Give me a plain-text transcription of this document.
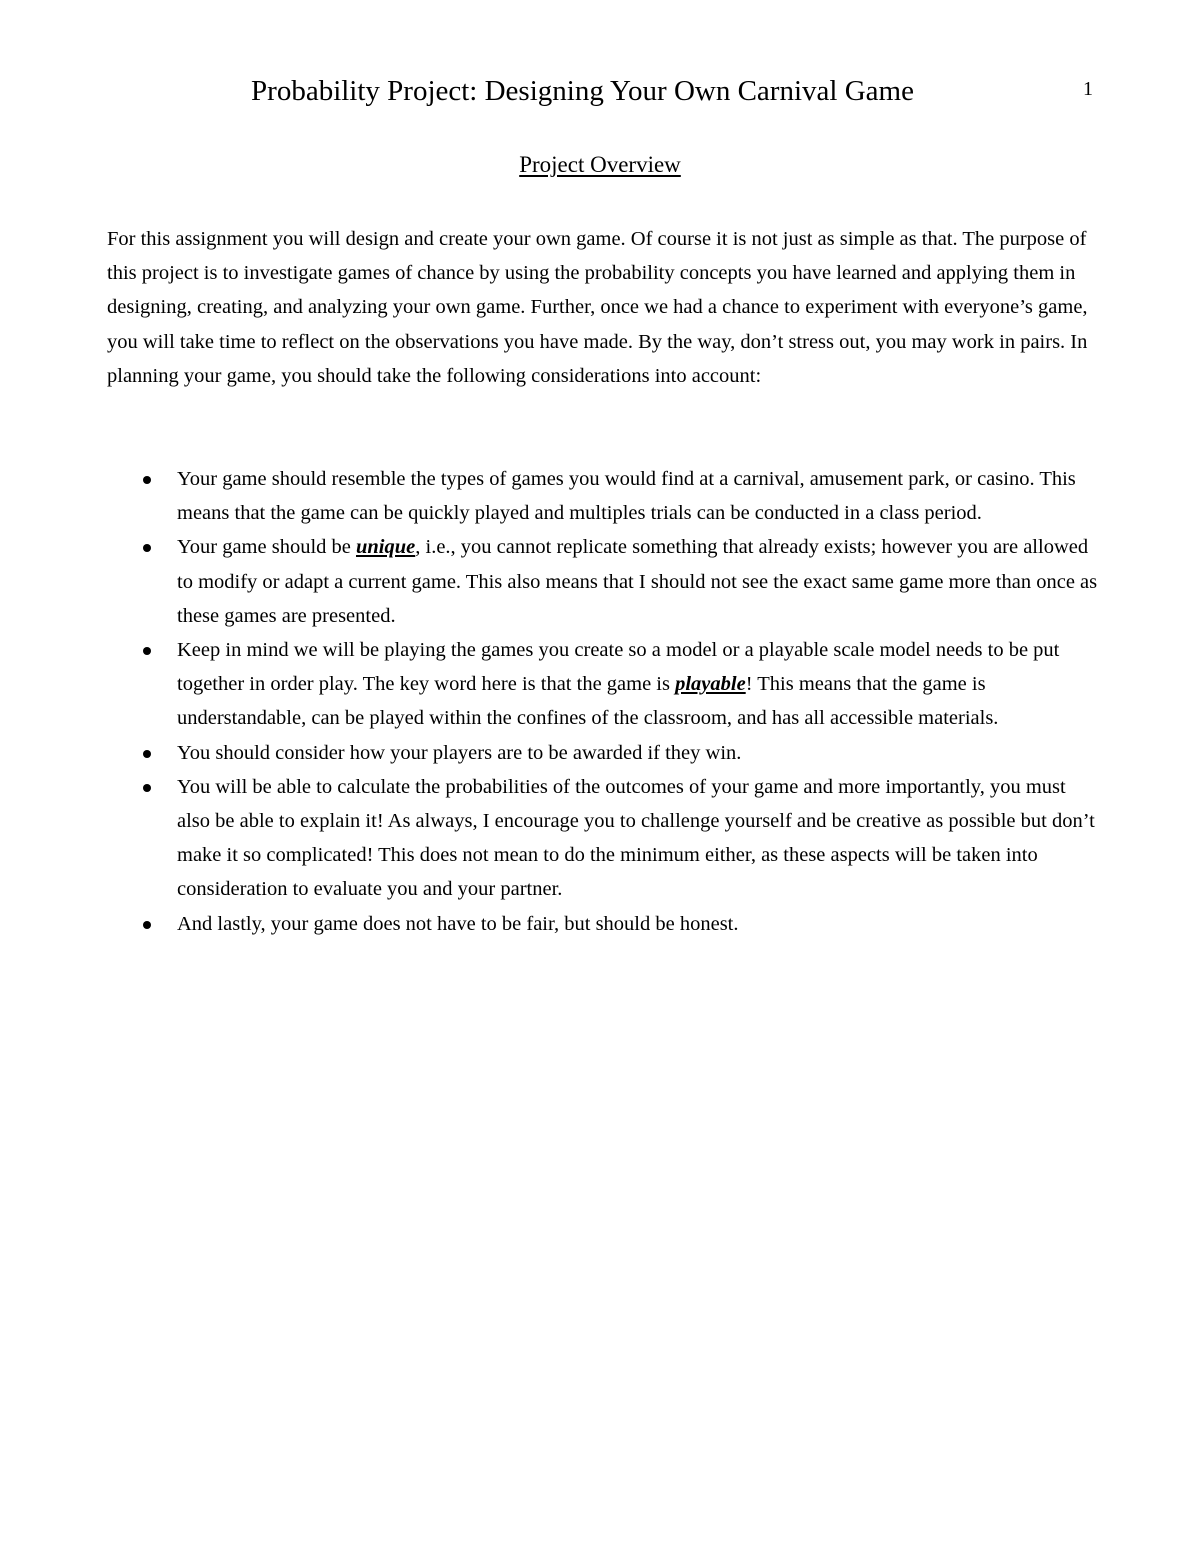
Probability Project: Designing Your Own Carnival Game	1
Project Overview

For this assignment you will design and create your own game. Of course it is not just as simple as that. The purpose of this project is to investigate games of chance by using the probability concepts you have learned and applying them in designing, creating, and analyzing your own game. Further, once we had a chance to experiment with everyone’s game, you will take time to reflect on the observations you have made. By the way, don’t stress out, you may work in pairs. In planning your game, you should take the following considerations into account:

Your game should resemble the types of games you would find at a carnival, amusement park, or casino. This means that the game can be quickly played and multiples trials can be conducted in a class period.
Your game should be unique, i.e., you cannot replicate something that already exists; however you are allowed to modify or adapt a current game. This also means that I should not see the exact same game more than once as these games are presented.
Keep in mind we will be playing the games you create so a model or a playable scale model needs to be put together in order play. The key word here is that the game is playable! This means that the game is understandable, can be played within the confines of the classroom, and has all accessible materials.
You should consider how your players are to be awarded if they win.
You will be able to calculate the probabilities of the outcomes of your game and more importantly, you must also be able to explain it! As always, I encourage you to challenge yourself and be creative as possible but don’t make it so complicated! This does not mean to do the minimum either, as these aspects will be taken into consideration to evaluate you and your partner.
And lastly, your game does not have to be fair, but should be honest.
